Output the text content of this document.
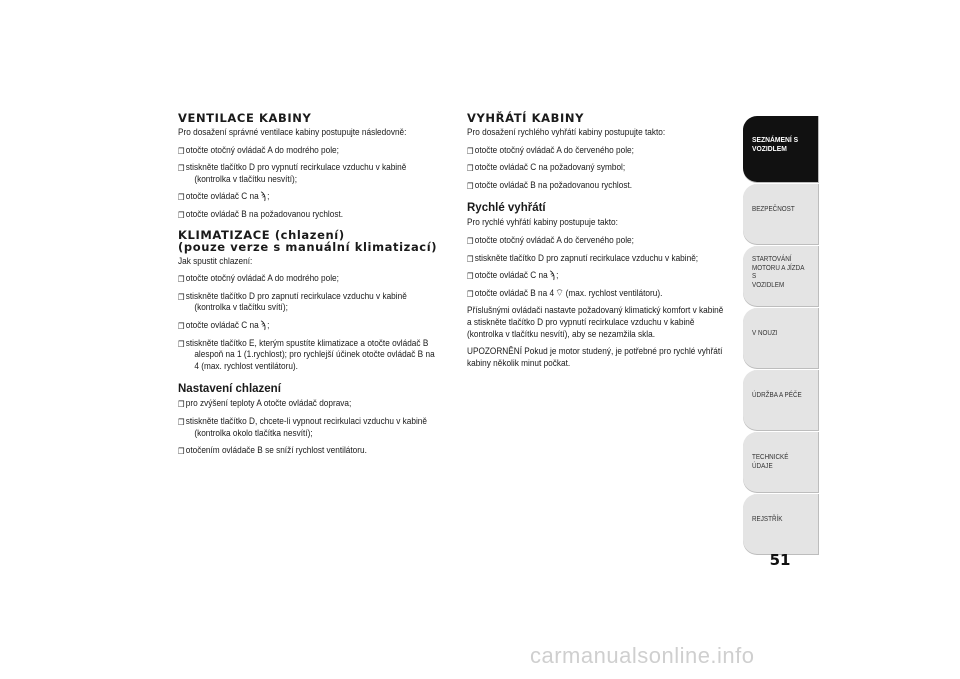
VENTILACE KABINY
Pro dosažení správné ventilace kabiny postupujte následovně:
❒ otočte otočný ovládač A do modrého pole;
❒ stiskněte tlačítko D pro vypnutí recirkulace vzduchu v kabině
(kontrolka v tlačítku nesvítí);
❒ otočte ovládač C naϡ;
❒ otočte ovládač B na požadovanou rychlost.
KLIMATIZACE (chlazení)
(pouze verze s manuální klimatizací)
Jak spustit chlazení:
❒ otočte otočný ovládač A do modrého pole;
❒ stiskněte tlačítko D pro zapnutí recirkulace vzduchu v kabině
(kontrolka v tlačítku svítí);
❒ otočte ovládač C naϡ;
❒ stiskněte tlačítko E, kterým spustíte klimatizace a otočte ovládač B
alespoň na 1 (1.rychlost); pro rychlejší účinek otočte ovládač B na
4 (max. rychlost ventilátoru).
Nastavení chlazení
❒ pro zvýšení teploty A otočte ovládač doprava;
❒ stiskněte tlačítko D, chcete-li vypnout recirkulaci vzduchu v kabině
(kontrolka okolo tlačítka nesvítí);
❒ otočením ovládače B se sníží rychlost ventilátoru.
VYHŘÁTÍ KABINY
Pro dosažení rychlého vyhřátí kabiny postupujte takto:
❒ otočte otočný ovládač A do červeného pole;
❒ otočte ovládač C na požadovaný symbol;
❒ otočte ovládač B na požadovanou rychlost.
Rychlé vyhřátí
Pro rychlé vyhřátí kabiny postupuje takto:
❒ otočte otočný ovládač A do červeného pole;
❒ stiskněte tlačítko D pro zapnutí recirkulace vzduchu v kabině;
❒ otočte ovládač C naϡ;
❒ otočte ovládač B na 4⌔(max. rychlost ventilátoru).
Příslušnými ovládači nastavte požadovaný klimatický komfort v kabině
a stiskněte tlačítko D pro vypnutí recirkulace vzduchu v kabině
(kontrolka v tlačítku nesvítí), aby se nezamžila skla.
UPOZORNĚNÍ Pokud je motor studený, je potřebné pro rychlé vyhřátí
kabiny několik minut počkat.
SEZNÁMENÍ S
VOZIDLEM
BEZPEČNOST
STARTOVÁNÍ
MOTORU A JÍZDA S
VOZIDLEM
V NOUZI
ÚDRŽBA A PÉČE
TECHNICKÉ ÚDAJE
REJSTŘÍK
51
carmanualsonline.info
